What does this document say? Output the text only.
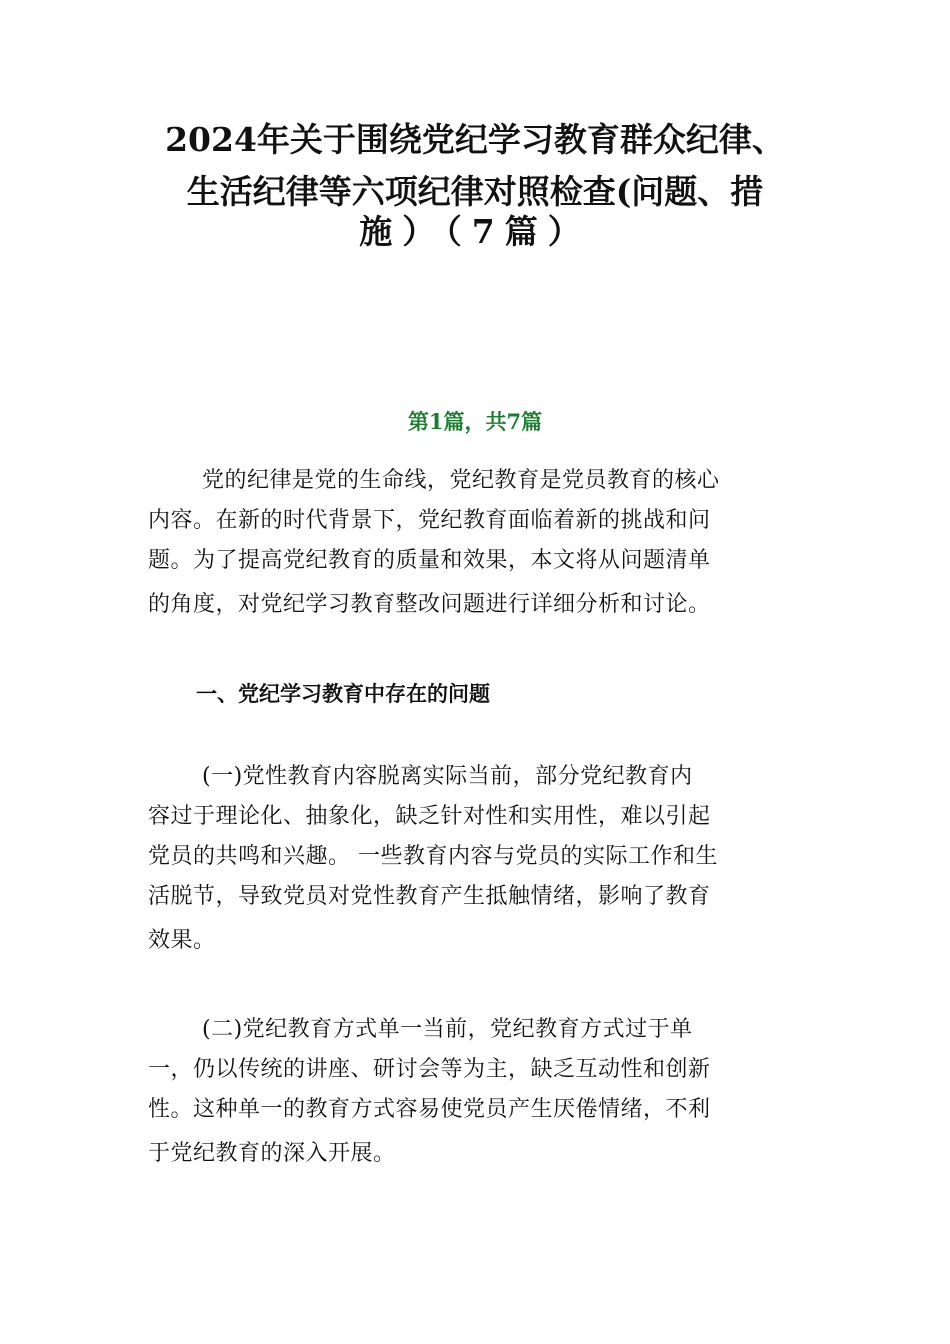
2024年关于围绕党纪学习教育群众纪律、
生活纪律等六项纪律对照检查(问题、措
施）（7篇）

第1篇，共7篇

党的纪律是党的生命线，党纪教育是党员教育的核心
内容。在新的时代背景下，党纪教育面临着新的挑战和问
题。为了提高党纪教育的质量和效果，本文将从问题清单
的角度，对党纪学习教育整改问题进行详细分析和讨论。

一、党纪学习教育中存在的问题

(一)党性教育内容脱离实际当前，部分党纪教育内
容过于理论化、抽象化，缺乏针对性和实用性，难以引起
党员的共鸣和兴趣。 一些教育内容与党员的实际工作和生
活脱节，导致党员对党性教育产生抵触情绪，影响了教育
效果。

(二)党纪教育方式单一当前，党纪教育方式过于单
一，仍以传统的讲座、研讨会等为主，缺乏互动性和创新
性。这种单一的教育方式容易使党员产生厌倦情绪，不利
于党纪教育的深入开展。
